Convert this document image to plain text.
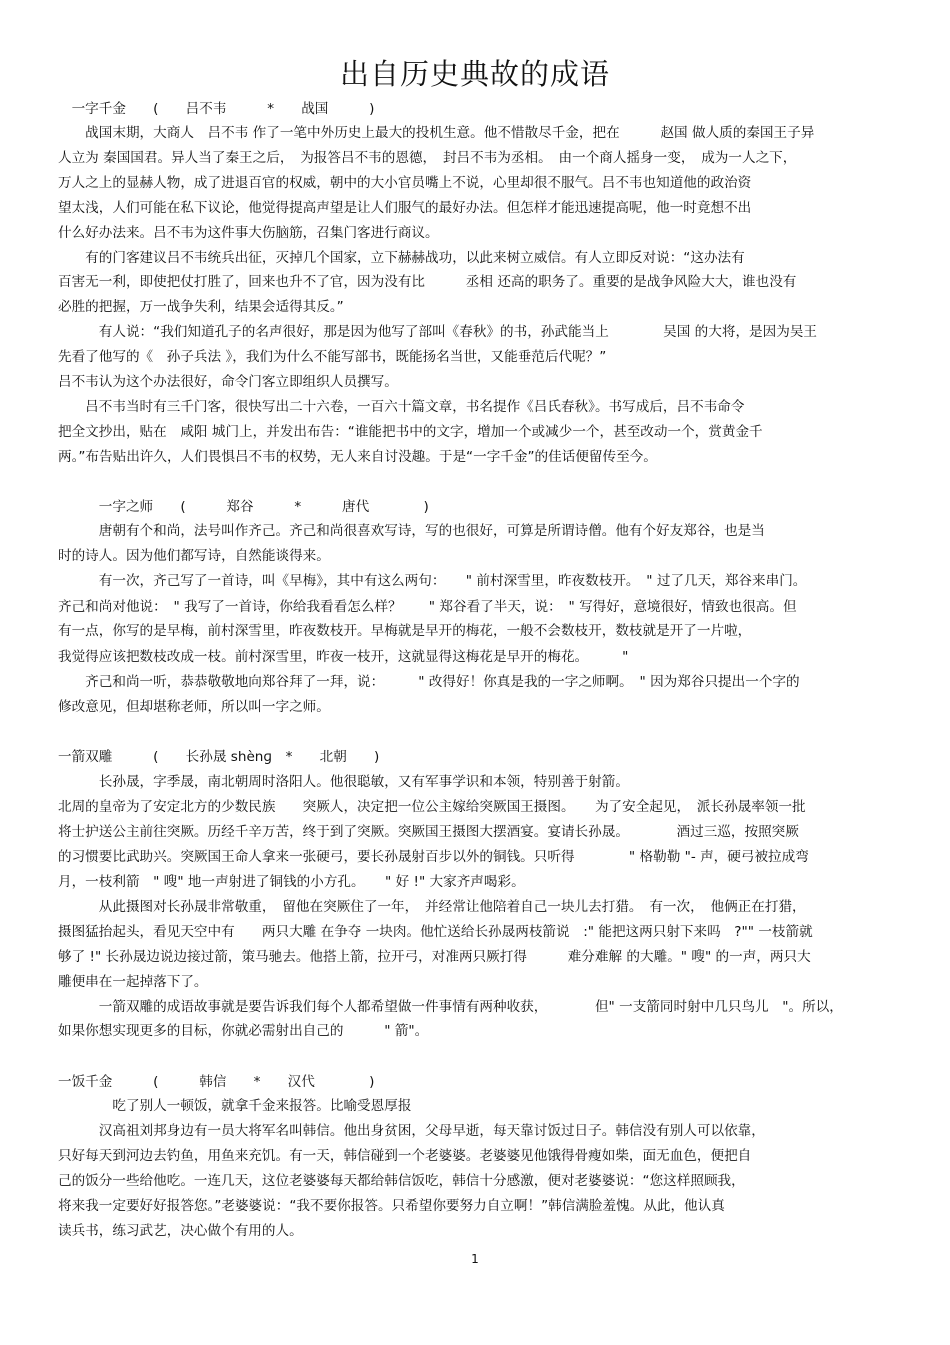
出自历史典故的成语
　一字千金　　(　　吕不韦　　　*　　战国　　　)
　　战国末期，大商人　吕不韦 作了一笔中外历史上最大的投机生意。他不惜散尽千金，把在　　　赵国 做人质的秦国王子异
人立为 秦国国君。异人当了秦王之后，　为报答吕不韦的恩德，　封吕不韦为丞相。　由一个商人摇身一变，　成为一人之下，
万人之上的显赫人物，成了进退百官的权威，朝中的大小官员嘴上不说，心里却很不服气。吕不韦也知道他的政治资
望太浅，人们可能在私下议论，他觉得提高声望是让人们服气的最好办法。但怎样才能迅速提高呢，他一时竟想不出
什么好办法来。吕不韦为这件事大伤脑筋，召集门客进行商议。
　　有的门客建议吕不韦统兵出征，灭掉几个国家，立下赫赫战功，以此来树立威信。有人立即反对说：“这办法有
百害无一利，即使把仗打胜了，回来也升不了官，因为没有比　　　丞相 还高的职务了。重要的是战争风险大大，谁也没有
必胜的把握，万一战争失利，结果会适得其反。”
　　　有人说：“我们知道孔子的名声很好，那是因为他写了部叫《春秋》的书，孙武能当上　　　　吴国 的大将，是因为吴王
先看了他写的《　孙子兵法 》，我们为什么不能写部书，既能扬名当世，又能垂范后代呢？”
吕不韦认为这个办法很好，命令门客立即组织人员撰写。
　　吕不韦当时有三千门客，很快写出二十六卷，一百六十篇文章，书名提作《吕氏春秋》。书写成后，吕不韦命令
把全文抄出，贴在　咸阳 城门上，并发出布告：“谁能把书中的文字，增加一个或减少一个，甚至改动一个，赏黄金千
两。”布告贴出许久，人们畏惧吕不韦的权势，无人来自讨没趣。于是“一字千金”的佳话便留传至今。
　　　一字之师　　(　　　郑谷　　　*　　　唐代　　　　)
　　　唐朝有个和尚，法号叫作齐己。齐己和尚很喜欢写诗，写的也很好，可算是所谓诗僧。他有个好友郑谷，也是当
时的诗人。因为他们都写诗，自然能谈得来。
　　　有一次，齐己写了一首诗，叫《早梅》，其中有这么两句：　　" 前村深雪里，昨夜数枝开。　" 过了几天，郑谷来串门。
齐己和尚对他说：　" 我写了一首诗，你给我看看怎么样？　　" 郑谷看了半天，说：　" 写得好，意境很好，情致也很高。但
有一点，你写的是早梅，前村深雪里，昨夜数枝开。早梅就是早开的梅花，一般不会数枝开，数枝就是开了一片啦，
我觉得应该把数枝改成一枝。前村深雪里，昨夜一枝开，这就显得这梅花是早开的梅花。　　　"
　　齐己和尚一听，恭恭敬敬地向郑谷拜了一拜，说：　　　" 改得好！你真是我的一字之师啊。　" 因为郑谷只提出一个字的
修改意见，但却堪称老师，所以叫一字之师。
一箭双雕　　　(　　长孙晟 shènɡ　*　　北朝　　)
　　　长孙晟，字季晟，南北朝周时洛阳人。他很聪敏，又有军事学识和本领，特别善于射箭。
北周的皇帝为了安定北方的少数民族　　突厥人，决定把一位公主嫁给突厥国王摄图。　　为了安全起见，　派长孙晟率领一批
将士护送公主前往突厥。历经千辛万苦，终于到了突厥。突厥国王摄图大摆酒宴。宴请长孙晟。　　　　酒过三巡，按照突厥
的习惯要比武助兴。突厥国王命人拿来一张硬弓，要长孙晟射百步以外的铜钱。只听得　　　　" 格勒勒 "- 声，硬弓被拉成弯
月，一枝利箭　" 嗖" 地一声射进了铜钱的小方孔。　　" 好 !" 大家齐声喝彩。
　　　从此摄图对长孙晟非常敬重，　留他在突厥住了一年，　并经常让他陪着自己一块儿去打猎。　有一次，　他俩正在打猎，
摄图猛抬起头，看见天空中有　　两只大雕 在争夺 一块肉。他忙送给长孙晟两枝箭说　:" 能把这两只射下来吗　?"" 一枝箭就
够了 !" 长孙晟边说边接过箭，策马驰去。他搭上箭，拉开弓，对准两只厥打得　　　难分难解 的大雕。" 嗖" 的一声，两只大
雕便串在一起掉落下了。
　　　一箭双雕的成语故事就是要告诉我们每个人都希望做一件事情有两种收获，　　　　但" 一支箭同时射中几只鸟儿　"。所以，
如果你想实现更多的目标，你就必需射出自己的　　　" 箭"。
一饭千金　　　(　　　韩信　　*　　汉代　　　　)
　　　　吃了别人一顿饭，就拿千金来报答。比喻受恩厚报
　　　汉高祖刘邦身边有一员大将军名叫韩信。他出身贫困，父母早逝，每天靠讨饭过日子。韩信没有别人可以依靠，
只好每天到河边去钓鱼，用鱼来充饥。有一天，韩信碰到一个老婆婆。老婆婆见他饿得骨瘦如柴，面无血色，便把自
己的饭分一些给他吃。一连几天，这位老婆婆每天都给韩信饭吃，韩信十分感激，便对老婆婆说：“您这样照顾我，
将来我一定要好好报答您。”老婆婆说：“我不要你报答。只希望你要努力自立啊！”韩信满脸羞愧。从此，他认真
读兵书，练习武艺，决心做个有用的人。
1
